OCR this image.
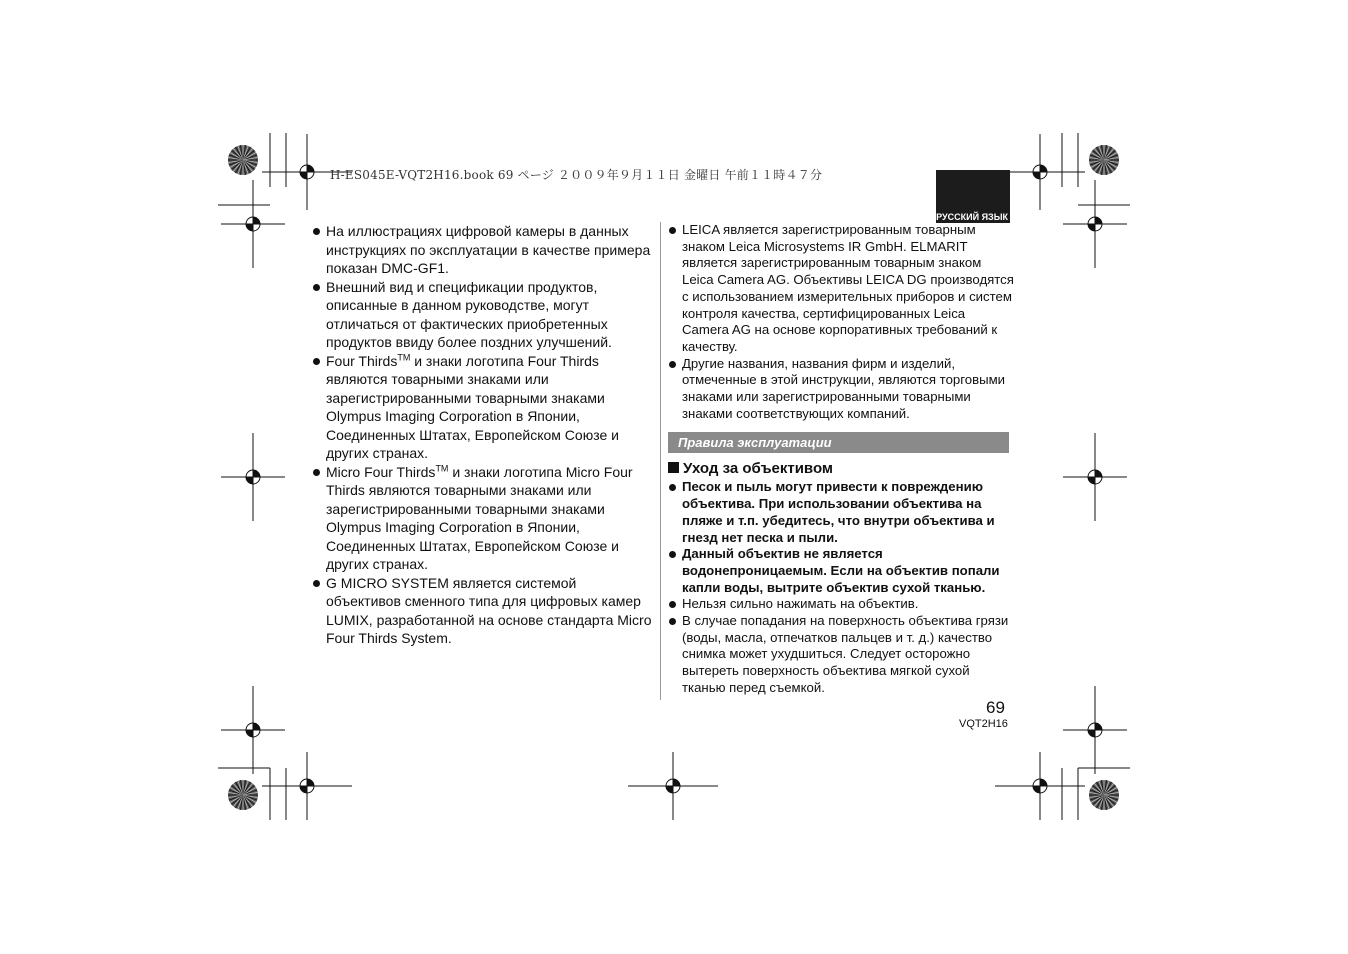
H-ES045E-VQT2H16.book 69 ページ ２００９年９月１１日 金曜日 午前１１時４７分
РУССКИЙ ЯЗЫК

На иллюстрациях цифровой камеры в данных инструкциях по эксплуатации в качестве примера показан DMC-GF1.

Внешний вид и спецификации продуктов, описанные в данном руководстве, могут отличаться от фактических приобретенных продуктов ввиду более поздних улучшений.

Four Thirds™ и знаки логотипа Four Thirds являются товарными знаками или зарегистрированными товарными знаками Olympus Imaging Corporation в Японии, Соединенных Штатах, Европейском Союзе и других странах.

Micro Four Thirds™ и знаки логотипа Micro Four Thirds являются товарными знаками или зарегистрированными товарными знаками Olympus Imaging Corporation в Японии, Соединенных Штатах, Европейском Союзе и других странах.

G MICRO SYSTEM является системой объективов сменного типа для цифровых камер LUMIX, разработанной на основе стандарта Micro Four Thirds System.

LEICA является зарегистрированным товарным знаком Leica Microsystems IR GmbH. ELMARIT является зарегистрированным товарным знаком Leica Camera AG. Объективы LEICA DG производятся с использованием измерительных приборов и систем контроля качества, сертифицированных Leica Camera AG на основе корпоративных требований к качеству.

Другие названия, названия фирм и изделий, отмеченные в этой инструкции, являются торговыми знаками или зарегистрированными товарными знаками соответствующих компаний.

Правила эксплуатации
Уход за объективом

Песок и пыль могут привести к повреждению объектива. При использовании объектива на пляже и т.п. убедитесь, что внутри объектива и гнезд нет песка и пыли.

Данный объектив не является водонепроницаемым. Если на объектив попали капли воды, вытрите объектив сухой тканью.

Нельзя сильно нажимать на объектив.

В случае попадания на поверхность объектива грязи (воды, масла, отпечатков пальцев и т. д.) качество снимка может ухудшиться. Следует осторожно вытереть поверхность объектива мягкой сухой тканью перед съемкой.

69
VQT2H16
